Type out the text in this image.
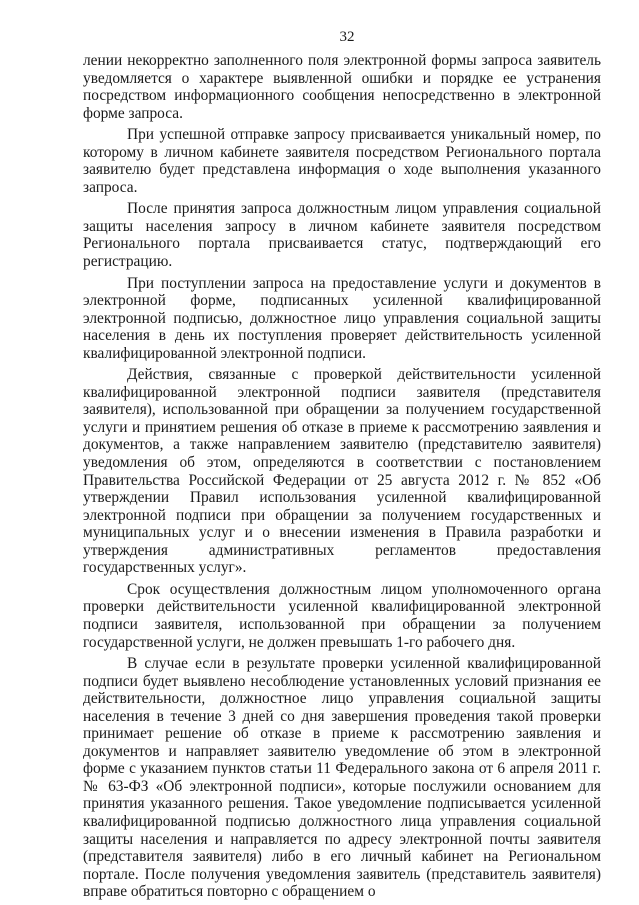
32

лении некорректно заполненного поля электронной формы запроса заявитель уведомляется о характере выявленной ошибки и порядке ее устранения посредством информационного сообщения непосредственно в электронной форме запроса.

При успешной отправке запросу присваивается уникальный номер, по которому в личном кабинете заявителя посредством Регионального портала заявителю будет представлена информация о ходе выполнения указанного запроса.

После принятия запроса должностным лицом управления социальной защиты населения запросу в личном кабинете заявителя посредством Регионального портала присваивается статус, подтверждающий его регистрацию.

При поступлении запроса на предоставление услуги и документов в электронной форме, подписанных усиленной квалифицированной электронной подписью, должностное лицо управления социальной защиты населения в день их поступления проверяет действительность усиленной квалифицированной электронной подписи.

Действия, связанные с проверкой действительности усиленной квалифицированной электронной подписи заявителя (представителя заявителя), использованной при обращении за получением государственной услуги и принятием решения об отказе в приеме к рассмотрению заявления и документов, а также направлением заявителю (представителю заявителя) уведомления об этом, определяются в соответствии с постановлением Правительства Российской Федерации от 25 августа 2012 г. № 852 «Об утверждении Правил использования усиленной квалифицированной электронной подписи при обращении за получением государственных и муниципальных услуг и о внесении изменения в Правила разработки и утверждения административных регламентов предоставления государственных услуг».

Срок осуществления должностным лицом уполномоченного органа проверки действительности усиленной квалифицированной электронной подписи заявителя, использованной при обращении за получением государственной услуги, не должен превышать 1-го рабочего дня.

В случае если в результате проверки усиленной квалифицированной подписи будет выявлено несоблюдение установленных условий признания ее действительности, должностное лицо управления социальной защиты населения в течение 3 дней со дня завершения проведения такой проверки принимает решение об отказе в приеме к рассмотрению заявления и документов и направляет заявителю уведомление об этом в электронной форме с указанием пунктов статьи 11 Федерального закона от 6 апреля 2011 г. № 63-ФЗ «Об электронной подписи», которые послужили основанием для принятия указанного решения. Такое уведомление подписывается усиленной квалифицированной подписью должностного лица управления социальной защиты населения и направляется по адресу электронной почты заявителя (представителя заявителя) либо в его личный кабинет на Региональном портале. После получения уведомления заявитель (представитель заявителя) вправе обратиться повторно с обращением о
